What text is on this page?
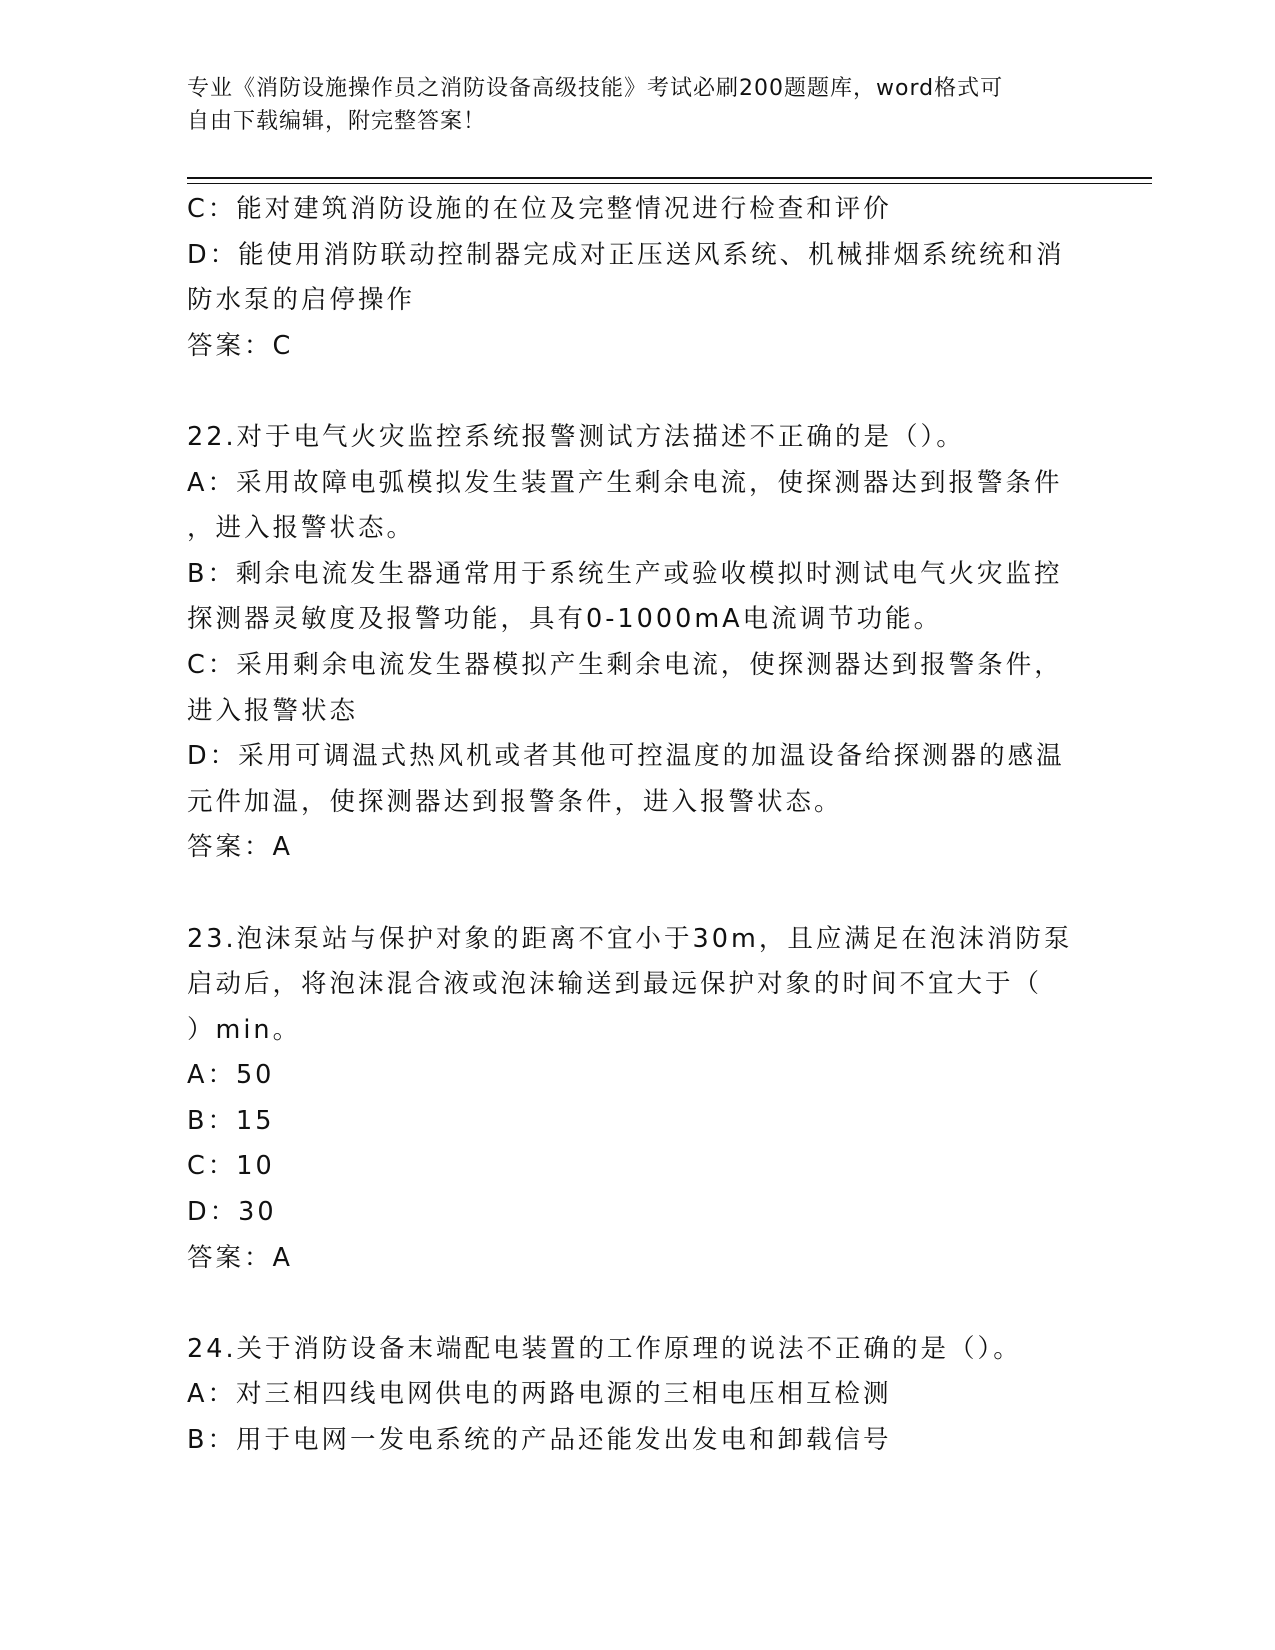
专业《消防设施操作员之消防设备高级技能》考试必刷200题题库，word格式可
自由下载编辑，附完整答案！
C：能对建筑消防设施的在位及完整情况进行检查和评价
D：能使用消防联动控制器完成对正压送风系统、机械排烟系统统和消
防水泵的启停操作
答案：C
22.对于电气火灾监控系统报警测试方法描述不正确的是（）。
A：采用故障电弧模拟发生装置产生剩余电流，使探测器达到报警条件
，进入报警状态。
B：剩余电流发生器通常用于系统生产或验收模拟时测试电气火灾监控
探测器灵敏度及报警功能，具有0-1000mA电流调节功能。
C：采用剩余电流发生器模拟产生剩余电流，使探测器达到报警条件，
进入报警状态
D：采用可调温式热风机或者其他可控温度的加温设备给探测器的感温
元件加温，使探测器达到报警条件，进入报警状态。
答案：A
23.泡沫泵站与保护对象的距离不宜小于30m，且应满足在泡沫消防泵
启动后，将泡沫混合液或泡沫输送到最远保护对象的时间不宜大于（
）min。
A：50
B：15
C：10
D：30
答案：A
24.关于消防设备末端配电装置的工作原理的说法不正确的是（）。
A：对三相四线电网供电的两路电源的三相电压相互检测
B：用于电网一发电系统的产品还能发出发电和卸载信号
